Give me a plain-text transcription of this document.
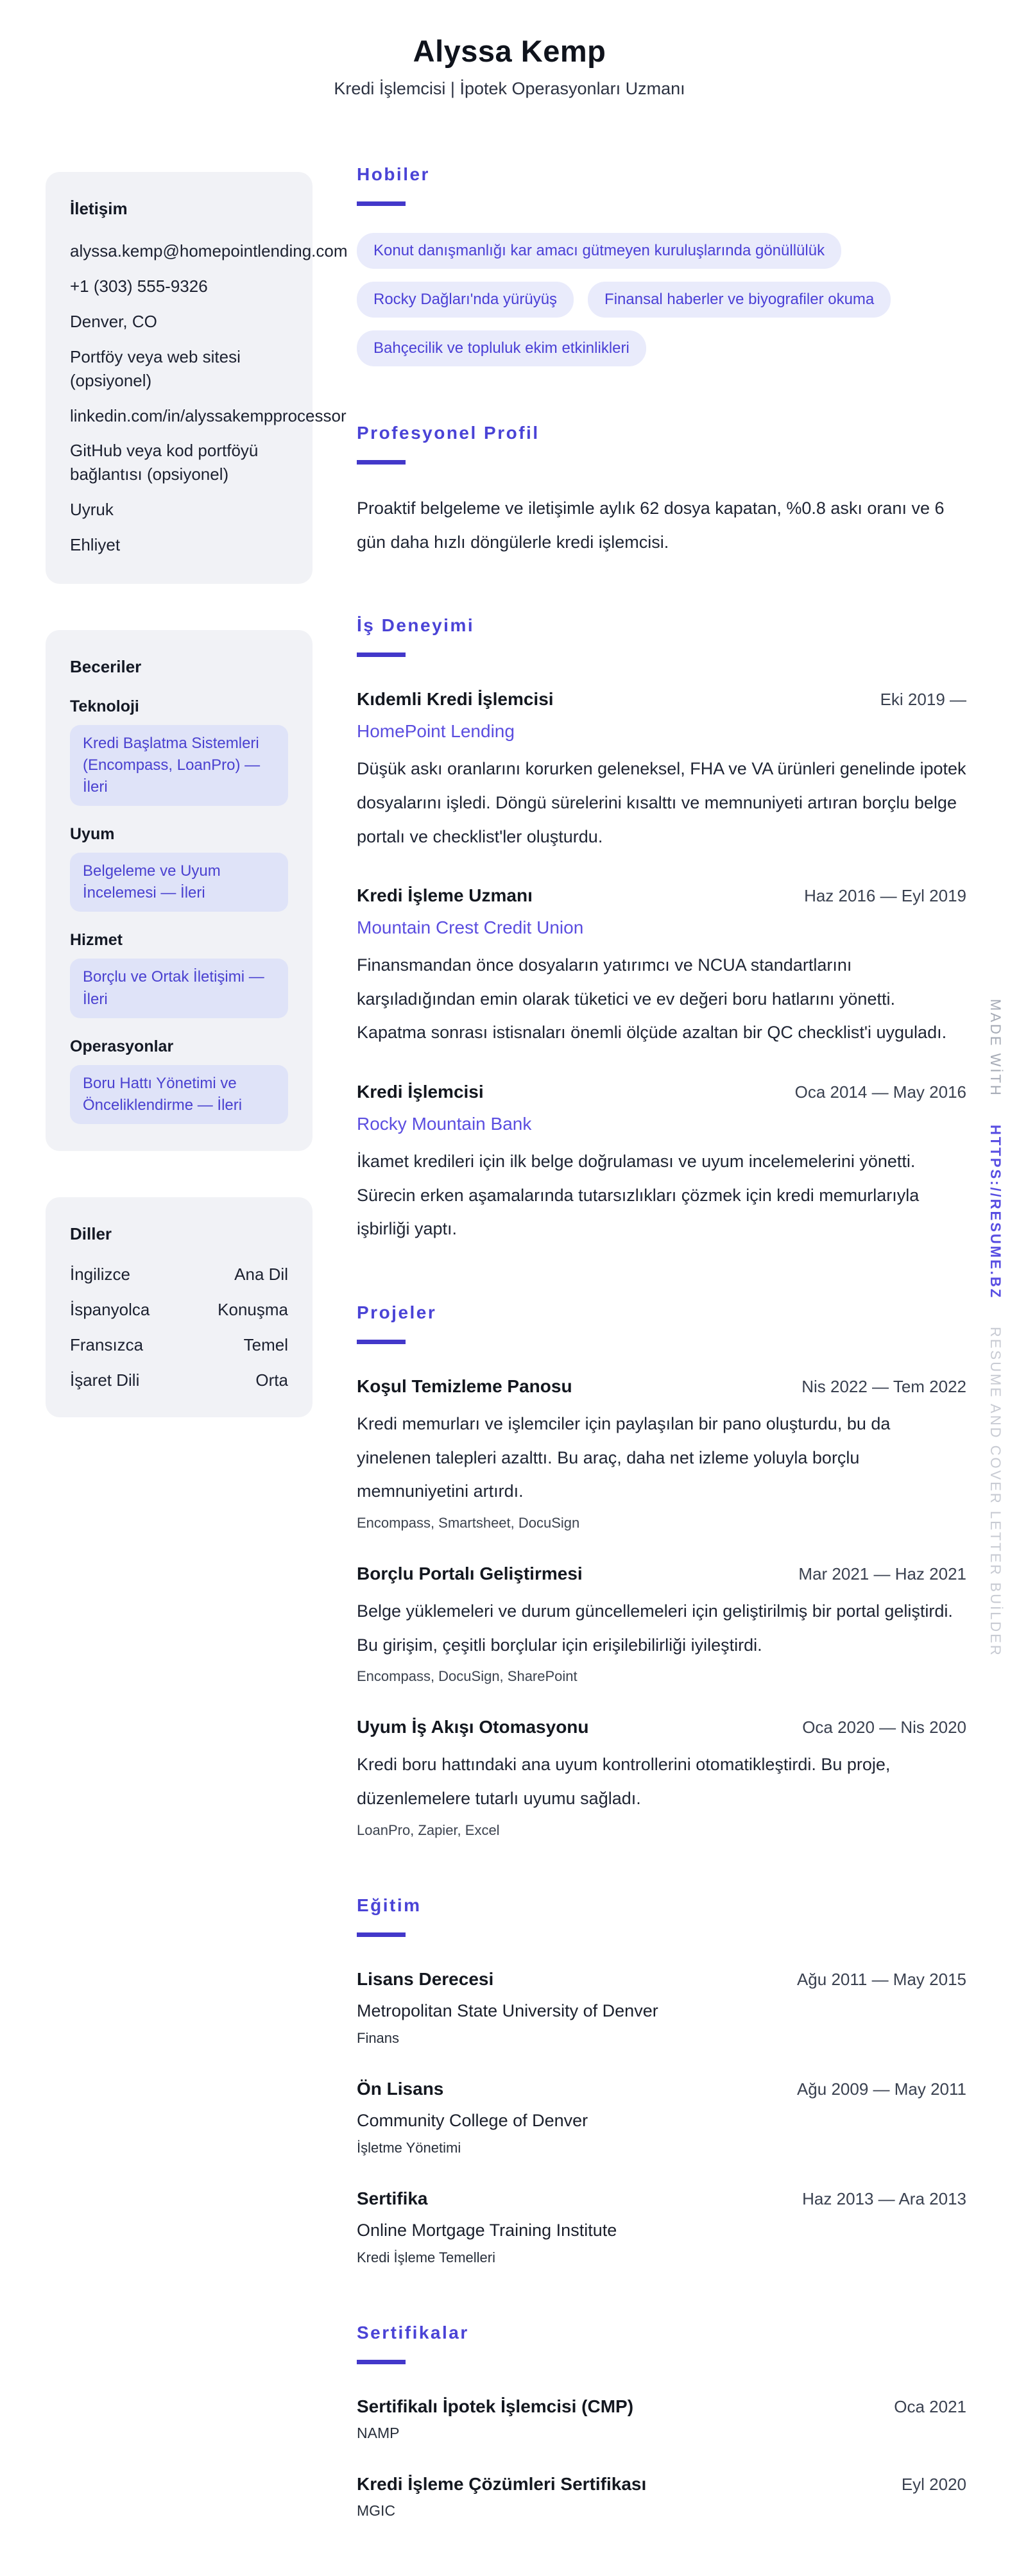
Alyssa Kemp
Kredi İşlemcisi | İpotek Operasyonları Uzmanı
İletişim
alyssa.kemp@homepointlending.com
+1 (303) 555-9326
Denver, CO
Portföy veya web sitesi (opsiyonel)
linkedin.com/in/alyssakempprocessor
GitHub veya kod portföyü bağlantısı (opsiyonel)
Uyruk
Ehliyet
Beceriler
Teknoloji
Kredi Başlatma Sistemleri (Encompass, LoanPro) — İleri
Uyum
Belgeleme ve Uyum İncelemesi — İleri
Hizmet
Borçlu ve Ortak İletişimi — İleri
Operasyonlar
Boru Hattı Yönetimi ve Önceliklendirme — İleri
Diller
İngilizce	Ana Dil
İspanyolca	Konuşma
Fransızca	Temel
İşaret Dili	Orta
Hobiler
Konut danışmanlığı kar amacı gütmeyen kuruluşlarında gönüllülük
Rocky Dağları'nda yürüyüş	Finansal haberler ve biyografiler okuma
Bahçecilik ve topluluk ekim etkinlikleri
Profesyonel Profil

Proaktif belgeleme ve iletişimle aylık 62 dosya kapatan, %0.8 askı oranı ve 6 gün daha hızlı döngülerle kredi işlemcisi.

İş Deneyimi
Kıdemli Kredi İşlemcisi	Eki 2019 —
HomePoint Lending

Düşük askı oranlarını korurken geleneksel, FHA ve VA ürünleri genelinde ipotek dosyalarını işledi. Döngü sürelerini kısalttı ve memnuniyeti artıran borçlu belge portalı ve checklist'ler oluşturdu.

Kredi İşleme Uzmanı	Haz 2016 — Eyl 2019
Mountain Crest Credit Union

Finansmandan önce dosyaların yatırımcı ve NCUA standartlarını karşıladığından emin olarak tüketici ve ev değeri boru hatlarını yönetti. Kapatma sonrası istisnaları önemli ölçüde azaltan bir QC checklist'i uyguladı.

Kredi İşlemcisi	Oca 2014 — May 2016
Rocky Mountain Bank

İkamet kredileri için ilk belge doğrulaması ve uyum incelemelerini yönetti. Sürecin erken aşamalarında tutarsızlıkları çözmek için kredi memurlarıyla işbirliği yaptı.

Projeler
Koşul Temizleme Panosu	Nis 2022 — Tem 2022

Kredi memurları ve işlemciler için paylaşılan bir pano oluşturdu, bu da yinelenen talepleri azalttı. Bu araç, daha net izleme yoluyla borçlu memnuniyetini artırdı.

Encompass, Smartsheet, DocuSign
Borçlu Portalı Geliştirmesi	Mar 2021 — Haz 2021

Belge yüklemeleri ve durum güncellemeleri için geliştirilmiş bir portal geliştirdi. Bu girişim, çeşitli borçlular için erişilebilirliği iyileştirdi.

Encompass, DocuSign, SharePoint
Uyum İş Akışı Otomasyonu	Oca 2020 — Nis 2020

Kredi boru hattındaki ana uyum kontrollerini otomatikleştirdi. Bu proje, düzenlemelere tutarlı uyumu sağladı.

LoanPro, Zapier, Excel
Eğitim
Lisans Derecesi	Ağu 2011 — May 2015
Metropolitan State University of Denver
Finans
Ön Lisans	Ağu 2009 — May 2011
Community College of Denver
İşletme Yönetimi
Sertifika	Haz 2013 — Ara 2013
Online Mortgage Training Institute
Kredi İşleme Temelleri
Sertifikalar
Sertifikalı İpotek İşlemcisi (CMP)	Oca 2021
NAMP
Kredi İşleme Çözümleri Sertifikası	Eyl 2020
MGIC
MADE WİTH HTTPS://RESUME.BZ RESUME AND COVER LETTER BUİLDER
